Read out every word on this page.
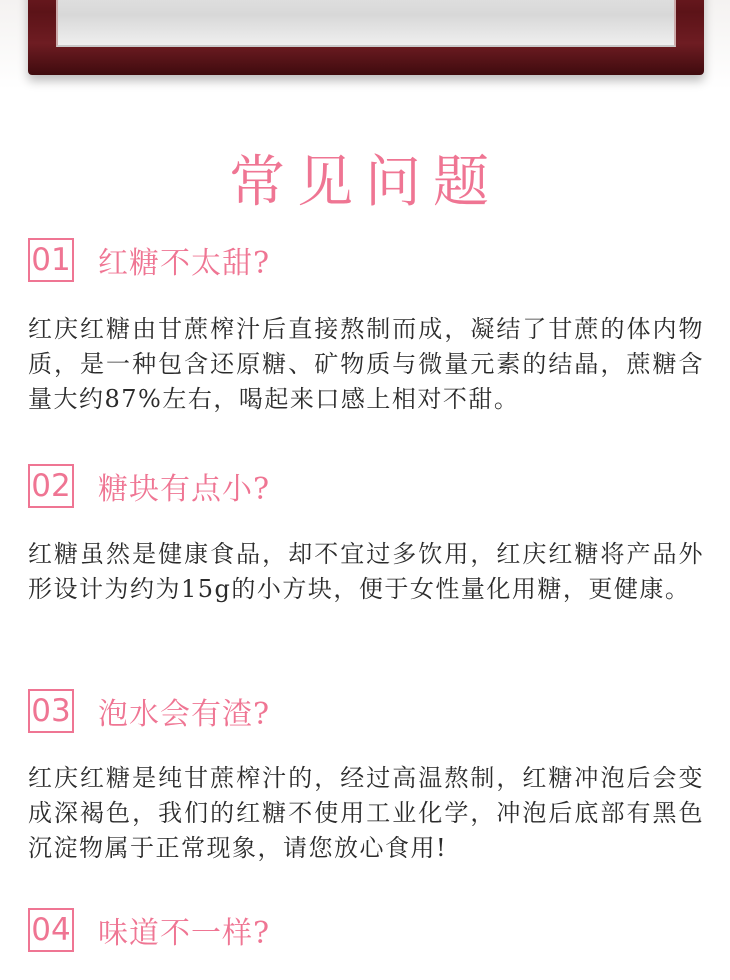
常见问题
01 红糖不太甜?
红庆红糖由甘蔗榨汁后直接熬制而成，凝结了甘蔗的体内物质，是一种包含还原糖、矿物质与微量元素的结晶，蔗糖含量大约87%左右，喝起来口感上相对不甜。
02 糖块有点小?
红糖虽然是健康食品，却不宜过多饮用，红庆红糖将产品外形设计为约为15g的小方块，便于女性量化用糖，更健康。
03 泡水会有渣?
红庆红糖是纯甘蔗榨汁的，经过高温熬制，红糖冲泡后会变成深褐色，我们的红糖不使用工业化学，冲泡后底部有黑色沉淀物属于正常现象，请您放心食用!
04 味道不一样?
